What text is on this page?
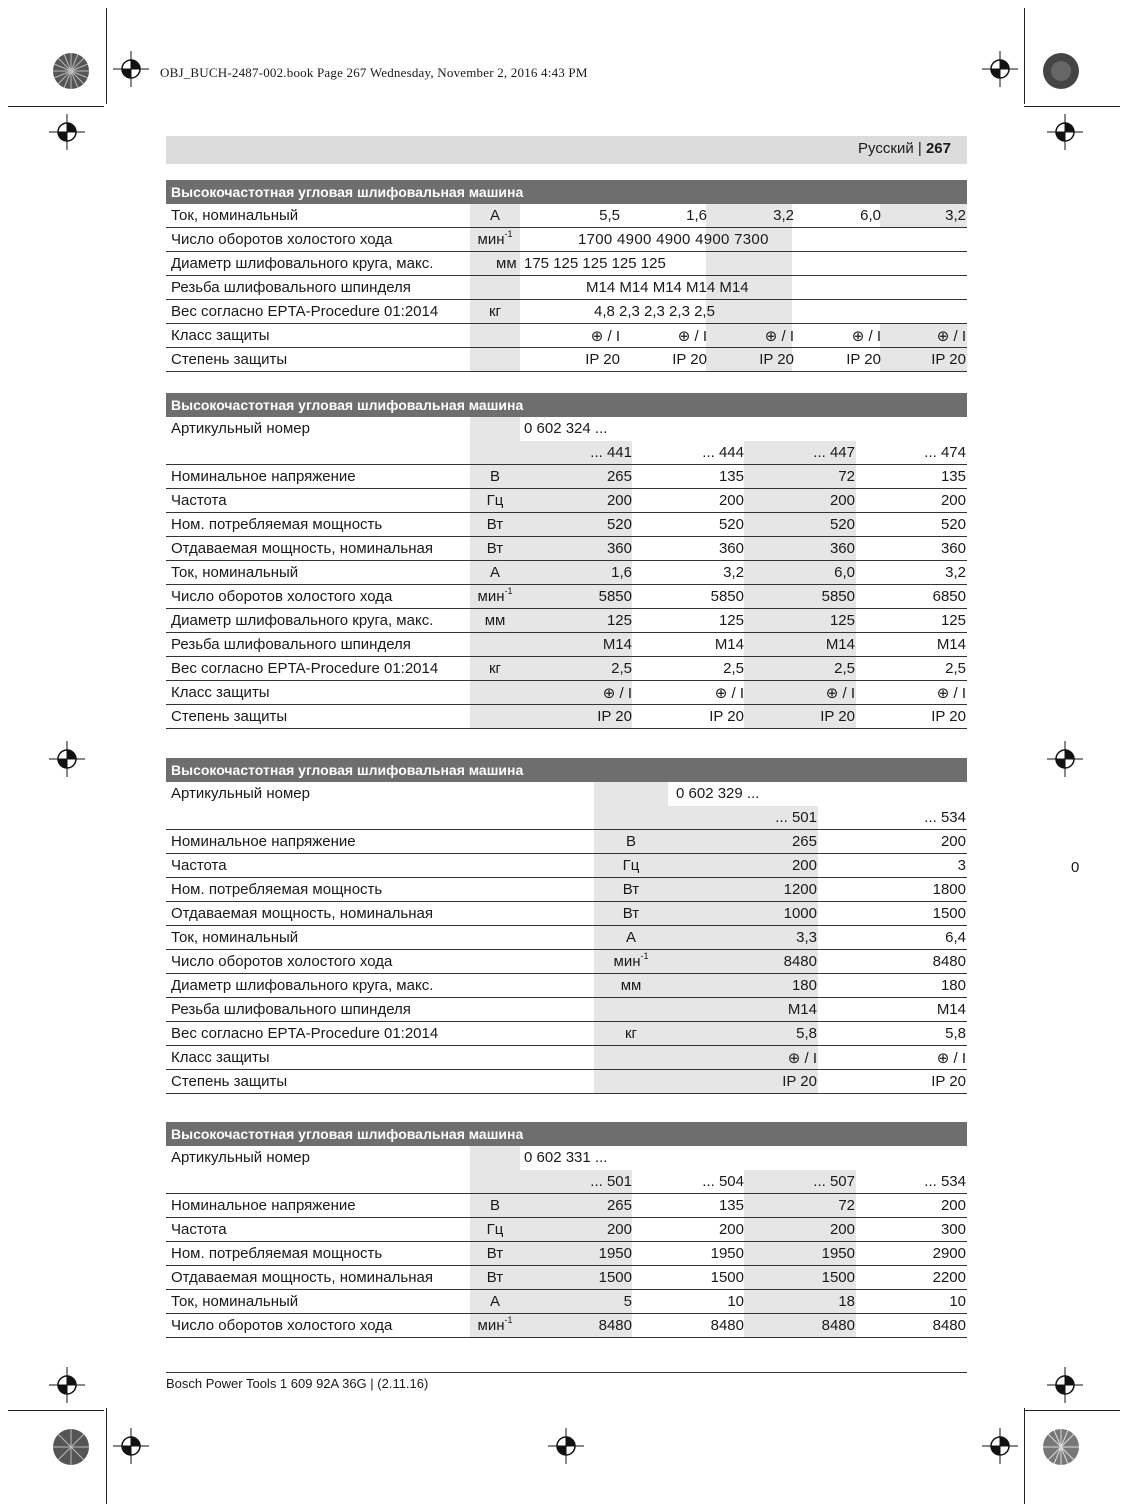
OBJ_BUCH-2487-002.book Page 267 Wednesday, November 2, 2016 4:43 PM
Русский | 267
Высокочастотная угловая шлифовальная машина
Ток, номинальный	A	5,5	1,6	3,2	6,0	3,2
Число оборотов холостого хода	мин$^{-1}$	1700 4900 4900 4900 7300
Диаметр шлифовального круга, макс.	мм 175 125 125 125 125
Резьба шлифовального шпинделя	M14 M14 M14 M14 M14
Вес согласно EPTA-Procedure 01:2014	кг	4,8 2,3 2,3 2,3 2,5
Класс защиты	⊕ / I	⊕ / I	⊕ / I	⊕ / I	⊕ / I
Степень защиты	IP 20	IP 20	IP 20	IP 20	IP 20
Высокочастотная угловая шлифовальная машина
Артикульный номер	0 602 324 ...
... 441	... 444	... 447	... 474
Номинальное напряжение	В	265	135	72	135
Частота	Гц	200	200	200	200
Ном. потребляемая мощность	Вт	520	520	520	520
Отдаваемая мощность, номинальная	Вт	360	360	360	360
Ток, номинальный	A	1,6	3,2	6,0	3,2
Число оборотов холостого хода	мин$^{-1}$	5850	5850	5850	6850
Диаметр шлифовального круга, макс.	мм	125	125	125	125
Резьба шлифовального шпинделя	M14	M14	M14	M14
Вес согласно EPTA-Procedure 01:2014	кг	2,5	2,5	2,5	2,5
Класс защиты	⊕ / I	⊕ / I	⊕ / I	⊕ / I
Степень защиты	IP 20	IP 20	IP 20	IP 20
Высокочастотная угловая шлифовальная машина
Артикульный номер	0 602 329 ...
... 501	... 534
Номинальное напряжение	В	265	200
Частота	Гц	200	3
Ном. потребляемая мощность	Вт	1200	1800
Отдаваемая мощность, номинальная	Вт	1000	1500
Ток, номинальный	A	3,3	6,4
Число оборотов холостого хода	мин$^{-1}$	8480	8480
Диаметр шлифовального круга, макс.	мм	180	180
Резьба шлифовального шпинделя	M14	M14
Вес согласно EPTA-Procedure 01:2014	кг	5,8	5,8
Класс защиты	⊕ / I	⊕ / I
Степень защиты	IP 20	IP 20
Высокочастотная угловая шлифовальная машина
Артикульный номер	0 602 331 ...
... 501	... 504	... 507	... 534
Номинальное напряжение	В	265	135	72	200
Частота	Гц	200	200	200	300
Ном. потребляемая мощность	Вт	1950	1950	1950	2900
Отдаваемая мощность, номинальная	Вт	1500	1500	1500	2200
Ток, номинальный	A	5	10	18	10
Число оборотов холостого хода	мин$^{-1}$	8480	8480	8480	8480
Bosch Power Tools 1 609 92A 36G | (2.11.16)
0
